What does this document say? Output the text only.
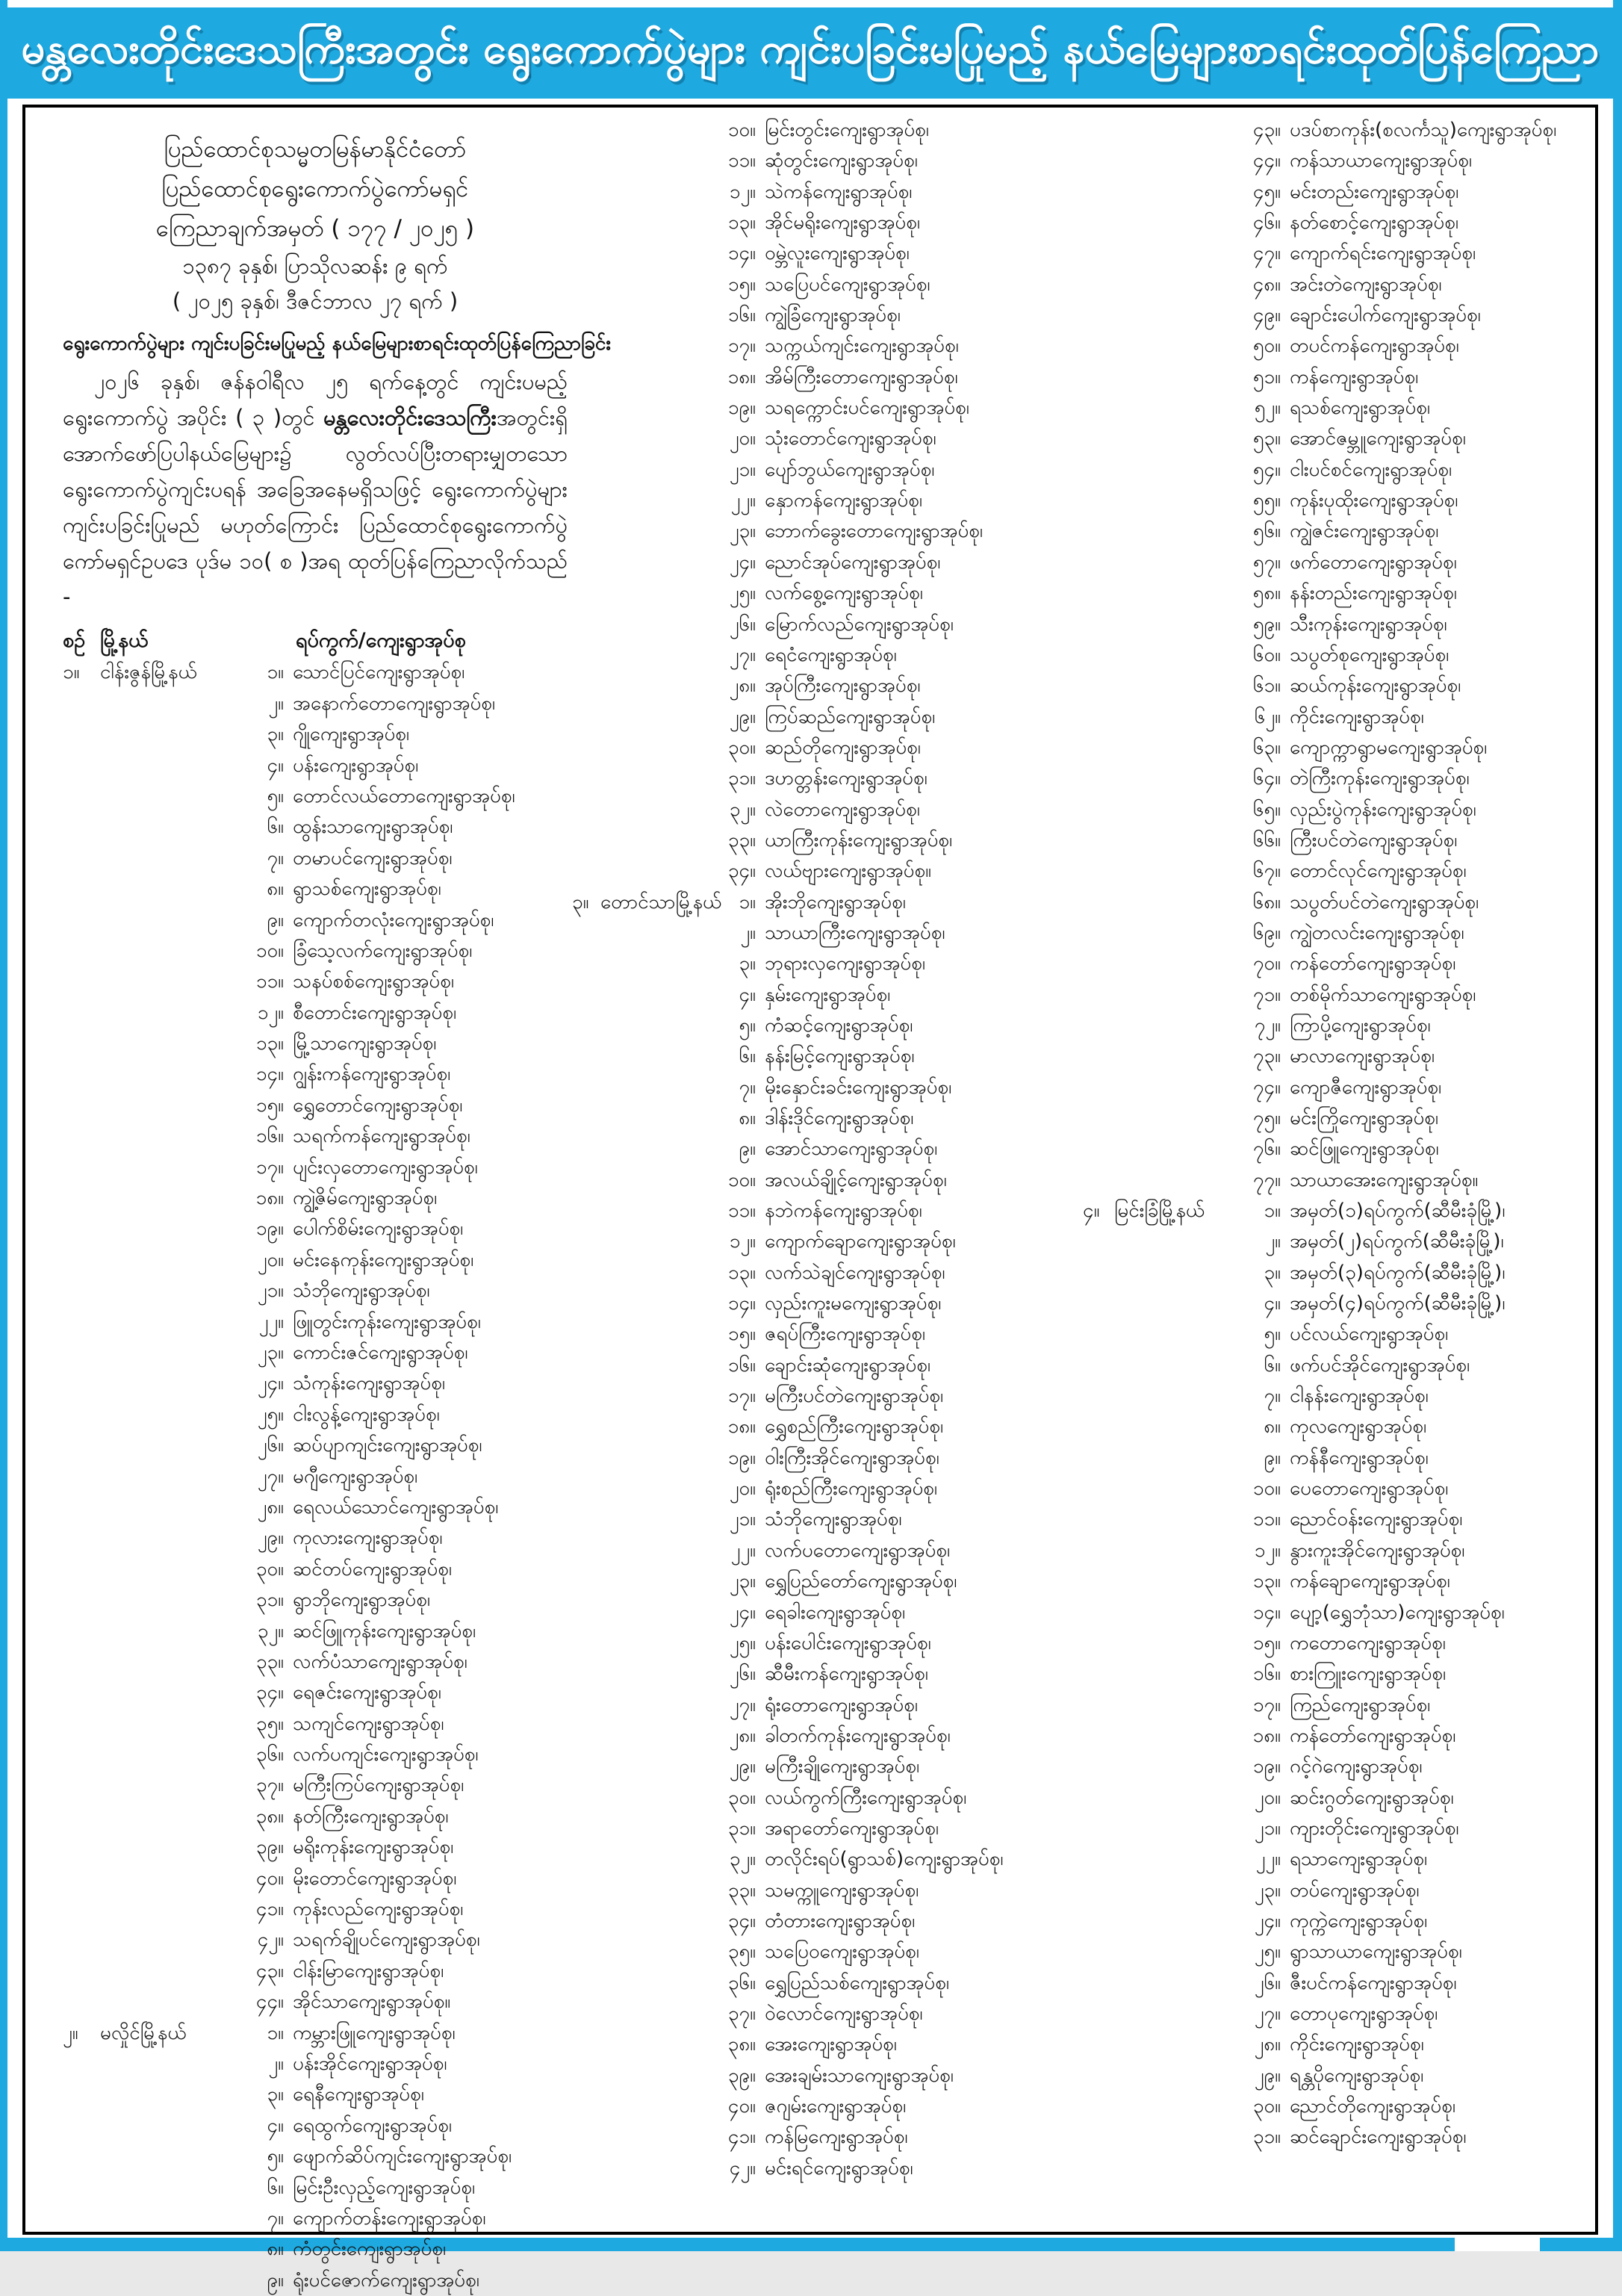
မန္တလေးတိုင်းဒေသကြီးအတွင်း ရွေးကောက်ပွဲများ ကျင်းပခြင်းမပြုမည့် နယ်မြေများစာရင်းထုတ်ပြန်ကြေညာ
ပြည်ထောင်စုသမ္မတမြန်မာနိုင်ငံတော်
ပြည်ထောင်စုရွေးကောက်ပွဲကော်မရှင်
ကြေညာချက်အမှတ် ( ၁၇၇ / ၂၀၂၅ )
၁၃၈၇ ခုနှစ်၊ ပြာသိုလဆန်း ၉ ရက်
( ၂၀၂၅ ခုနှစ်၊ ဒီဇင်ဘာလ ၂၇ ရက် )
ရွေးကောက်ပွဲများ ကျင်းပခြင်းမပြုမည့် နယ်မြေများစာရင်းထုတ်ပြန်ကြေညာခြင်း
၂၀၂၆ ခုနှစ်၊ ဇန်နဝါရီလ ၂၅ ရက်နေ့တွင် ကျင်းပမည့် ရွေးကောက်ပွဲ အပိုင်း ( ၃ )တွင် မန္တလေးတိုင်းဒေသကြီးအတွင်းရှိ အောက်ဖော်ပြပါနယ်မြေများ၌ လွတ်လပ်ပြီးတရားမျှတသော ရွေးကောက်ပွဲကျင်းပရန် အခြေအနေမရှိသဖြင့် ရွေးကောက်ပွဲများ ကျင်းပခြင်းပြုမည် မဟုတ်ကြောင်း ပြည်ထောင်စုရွေးကောက်ပွဲ ကော်မရှင်ဥပဒေ ပုဒ်မ ၁၀( စ )အရ ထုတ်ပြန်ကြေညာလိုက်သည် -
စဉ် မြို့နယ်	ရပ်ကွက်/ကျေးရွာအုပ်စု
၁။	ငါန်းဇွန်မြို့နယ်	၁။ သောင်ပြင်ကျေးရွာအုပ်စု၊
၂။ အနောက်တောကျေးရွာအုပ်စု၊
၃။ ဂျိုကျေးရွာအုပ်စု၊
၄။ ပန်းကျေးရွာအုပ်စု၊
၅။ တောင်လယ်တောကျေးရွာအုပ်စု၊
၆။ ထွန်းသာကျေးရွာအုပ်စု၊
၇။ တမာပင်ကျေးရွာအုပ်စု၊
၈။ ရွာသစ်ကျေးရွာအုပ်စု၊
၉။ ကျောက်တလုံးကျေးရွာအုပ်စု၊
၁၀။ ခြံသေ့လက်ကျေးရွာအုပ်စု၊
၁၁။ သနပ်စစ်ကျေးရွာအုပ်စု၊
၁၂။ စီတောင်းကျေးရွာအုပ်စု၊
၁၃။ မြို့သာကျေးရွာအုပ်စု၊
၁၄။ ဂျွန်းကန်ကျေးရွာအုပ်စု၊
၁၅။ ရွှေတောင်ကျေးရွာအုပ်စု၊
၁၆။ သရက်ကန်ကျေးရွာအုပ်စု၊
၁၇။ ပျင်းလှတောကျေးရွာအုပ်စု၊
၁၈။ ကျွဲ့ဇိမ်ကျေးရွာအုပ်စု၊
၁၉။ ပေါက်စိမ်းကျေးရွာအုပ်စု၊
၂၀။ မင်းနေကုန်းကျေးရွာအုပ်စု၊
၂၁။ သံဘိုကျေးရွာအုပ်စု၊
၂၂။ ဖြူတွင်းကုန်းကျေးရွာအုပ်စု၊
၂၃။ ကောင်းဇင်ကျေးရွာအုပ်စု၊
၂၄။ သံကုန်းကျေးရွာအုပ်စု၊
၂၅။ ငါးလွန့်ကျေးရွာအုပ်စု၊
၂၆။ ဆပ်ပျာကျင်းကျေးရွာအုပ်စု၊
၂၇။ မဂျီကျေးရွာအုပ်စု၊
၂၈။ ရေလယ်သောင်ကျေးရွာအုပ်စု၊
၂၉။ ကုလားကျေးရွာအုပ်စု၊
၃၀။ ဆင်တပ်ကျေးရွာအုပ်စု၊
၃၁။ ရွာဘိုကျေးရွာအုပ်စု၊
၃၂။ ဆင်ဖြူကုန်းကျေးရွာအုပ်စု၊
၃၃။ လက်ပံသာကျေးရွာအုပ်စု၊
၃၄။ ရေဇင်းကျေးရွာအုပ်စု၊
၃၅။ သကျင်ကျေးရွာအုပ်စု၊
၃၆။ လက်ပကျင်းကျေးရွာအုပ်စု၊
၃၇။ မကြီးကြပ်ကျေးရွာအုပ်စု၊
၃၈။ နတ်ကြီးကျေးရွာအုပ်စု၊
၃၉။ မရိုးကုန်းကျေးရွာအုပ်စု၊
၄၀။ မိုးတောင်ကျေးရွာအုပ်စု၊
၄၁။ ကုန်းလည်ကျေးရွာအုပ်စု၊
၄၂။ သရက်ချိုပင်ကျေးရွာအုပ်စု၊
၄၃။ ငါန်းမြာကျေးရွာအုပ်စု၊
၄၄။ အိုင်သာကျေးရွာအုပ်စု။
၂။	မလှိုင်မြို့နယ်	၁။ ကမ္ဘားဖြူကျေးရွာအုပ်စု၊
၂။ ပန်းအိုင်ကျေးရွာအုပ်စု၊
၃။ ရေနီကျေးရွာအုပ်စု၊
၄။ ရေထွက်ကျေးရွာအုပ်စု၊
၅။ ဖျောက်ဆိပ်ကျင်းကျေးရွာအုပ်စု၊
၆။ မြင်းဦးလှည့်ကျေးရွာအုပ်စု၊
၇။ ကျောက်တန်းကျေးရွာအုပ်စု၊
၈။ ကံတွင်းကျေးရွာအုပ်စု၊
၉။ ရုံးပင်ဇောက်ကျေးရွာအုပ်စု၊
၁၀။ မြင်းတွင်းကျေးရွာအုပ်စု၊
၁၁။ ဆုံတွင်းကျေးရွာအုပ်စု၊
၁၂။ သဲကန်ကျေးရွာအုပ်စု၊
၁၃။ အိုင်မရိုးကျေးရွာအုပ်စု၊
၁၄။ ဝမ္ဘဲလူးကျေးရွာအုပ်စု၊
၁၅။ သပြေပင်ကျေးရွာအုပ်စု၊
၁၆။ ကျွဲခြံကျေးရွာအုပ်စု၊
၁၇။ သက္ကယ်ကျင်းကျေးရွာအုပ်စု၊
၁၈။ အိမ်ကြီးတောကျေးရွာအုပ်စု၊
၁၉။ သရက္ကောင်းပင်ကျေးရွာအုပ်စု၊
၂၀။ သုံးတောင်ကျေးရွာအုပ်စု၊
၂၁။ ပျော်ဘွယ်ကျေးရွာအုပ်စု၊
၂၂။ နှောကန်ကျေးရွာအုပ်စု၊
၂၃။ ဘောက်ခွေးတောကျေးရွာအုပ်စု၊
၂၄။ ညောင်အုပ်ကျေးရွာအုပ်စု၊
၂၅။ လက်စွေ့ကျေးရွာအုပ်စု၊
၂၆။ မြောက်လည်ကျေးရွာအုပ်စု၊
၂၇။ ရေငံကျေးရွာအုပ်စု၊
၂၈။ အုပ်ကြီးကျေးရွာအုပ်စု၊
၂၉။ ကြပ်ဆည်ကျေးရွာအုပ်စု၊
၃၀။ ဆည်တိုကျေးရွာအုပ်စု၊
၃၁။ ဒဟတ္တန်းကျေးရွာအုပ်စု၊
၃၂။ လဲတောကျေးရွာအုပ်စု၊
၃၃။ ယာကြီးကုန်းကျေးရွာအုပ်စု၊
၃၄။ လယ်ဗျားကျေးရွာအုပ်စု။
၃။ တောင်သာမြို့နယ် ၁။ အိုးဘိုကျေးရွာအုပ်စု၊
၂။ သာယာကြီးကျေးရွာအုပ်စု၊
၃။ ဘုရားလှကျေးရွာအုပ်စု၊
၄။ နှမ်းကျေးရွာအုပ်စု၊
၅။ ကံဆင့်ကျေးရွာအုပ်စု၊
၆။ နန်းမြင့်ကျေးရွာအုပ်စု၊
၇။ မိုးနှောင်းခင်းကျေးရွာအုပ်စု၊
၈။ ဒါန်းဒိုင်ကျေးရွာအုပ်စု၊
၉။ အောင်သာကျေးရွာအုပ်စု၊
၁၀။ အလယ်ချိုင့်ကျေးရွာအုပ်စု၊
၁၁။ နဘဲကန်ကျေးရွာအုပ်စု၊
၁၂။ ကျောက်ချောကျေးရွာအုပ်စု၊
၁၃။ လက်သဲချင်ကျေးရွာအုပ်စု၊
၁၄။ လှည်းကူးမကျေးရွာအုပ်စု၊
၁၅။ ဇရပ်ကြီးကျေးရွာအုပ်စု၊
၁၆။ ချောင်းဆုံကျေးရွာအုပ်စု၊
၁၇။ မကြီးပင်တဲကျေးရွာအုပ်စု၊
၁၈။ ရွှေစည်ကြီးကျေးရွာအုပ်စု၊
၁၉။ ဝါးကြီးအိုင်ကျေးရွာအုပ်စု၊
၂၀။ ရုံးစည်ကြီးကျေးရွာအုပ်စု၊
၂၁။ သံဘိုကျေးရွာအုပ်စု၊
၂၂။ လက်ပတောကျေးရွာအုပ်စု၊
၂၃။ ရွှေပြည်တော်ကျေးရွာအုပ်စု၊
၂၄။ ရေခါးကျေးရွာအုပ်စု၊
၂၅။ ပန်းပေါင်းကျေးရွာအုပ်စု၊
၂၆။ ဆီမီးကန်ကျေးရွာအုပ်စု၊
၂၇။ ရုံးတောကျေးရွာအုပ်စု၊
၂၈။ ခါတက်ကုန်းကျေးရွာအုပ်စု၊
၂၉။ မကြီးချိုကျေးရွာအုပ်စု၊
၃၀။ လယ်ကွက်ကြီးကျေးရွာအုပ်စု၊
၃၁။ အရာတော်ကျေးရွာအုပ်စု၊
၃၂။ တလိုင်းရပ်(ရွာသစ်)ကျေးရွာအုပ်စု၊
၃၃။ သမက္ကူကျေးရွာအုပ်စု၊
၃၄။ တံတားကျေးရွာအုပ်စု၊
၃၅။ သပြေဝကျေးရွာအုပ်စု၊
၃၆။ ရွှေပြည်သစ်ကျေးရွာအုပ်စု၊
၃၇။ ဝဲလောင်ကျေးရွာအုပ်စု၊
၃၈။ အေးကျေးရွာအုပ်စု၊
၃၉။ အေးချမ်းသာကျေးရွာအုပ်စု၊
၄၀။ ဇဂျမ်းကျေးရွာအုပ်စု၊
၄၁။ ကန်မြကျေးရွာအုပ်စု၊
၄၂။ မင်းရင်ကျေးရွာအုပ်စု၊
၄၃။ ပဒပ်စာကုန်း(စလင်္ကသူ)ကျေးရွာအုပ်စု၊
၄၄။ ကန်သာယာကျေးရွာအုပ်စု၊
၄၅။ မင်းတည်းကျေးရွာအုပ်စု၊
၄၆။ နတ်စောင့်ကျေးရွာအုပ်စု၊
၄၇။ ကျောက်ရင်းကျေးရွာအုပ်စု၊
၄၈။ အင်းတဲကျေးရွာအုပ်စု၊
၄၉။ ချောင်းပေါက်ကျေးရွာအုပ်စု၊
၅၀။ တပင်ကန်ကျေးရွာအုပ်စု၊
၅၁။ ကန်ကျေးရွာအုပ်စု၊
၅၂။ ရသစ်ကျေးရွာအုပ်စု၊
၅၃။ အောင်ဇမ္ဘူကျေးရွာအုပ်စု၊
၅၄။ ငါးပင်စင်ကျေးရွာအုပ်စု၊
၅၅။ ကုန်းပုထိုးကျေးရွာအုပ်စု၊
၅၆။ ကျွဲဇင်းကျေးရွာအုပ်စု၊
၅၇။ ဖက်တောကျေးရွာအုပ်စု၊
၅၈။ နန်းတည်းကျေးရွာအုပ်စု၊
၅၉။ သီးကုန်းကျေးရွာအုပ်စု၊
၆၀။ သပွတ်စုကျေးရွာအုပ်စု၊
၆၁။ ဆယ်ကုန်းကျေးရွာအုပ်စု၊
၆၂။ ကိုင်းကျေးရွာအုပ်စု၊
၆၃။ ကျောက္ကာရွာမကျေးရွာအုပ်စု၊
၆၄။ တဲကြီးကုန်းကျေးရွာအုပ်စု၊
၆၅။ လှည်းပွဲကုန်းကျေးရွာအုပ်စု၊
၆၆။ ကြီးပင်တဲကျေးရွာအုပ်စု၊
၆၇။ တောင်လုင်ကျေးရွာအုပ်စု၊
၆၈။ သပွတ်ပင်တဲကျေးရွာအုပ်စု၊
၆၉။ ကျွဲတလင်းကျေးရွာအုပ်စု၊
၇၀။ ကန်တော်ကျေးရွာအုပ်စု၊
၇၁။ တစ်မိုက်သာကျေးရွာအုပ်စု၊
၇၂။ ကြာပို့ကျေးရွာအုပ်စု၊
၇၃။ မာလာကျေးရွာအုပ်စု၊
၇၄။ ကျောဇီကျေးရွာအုပ်စု၊
၇၅။ မင်းကြိုကျေးရွာအုပ်စု၊
၇၆။ ဆင်ဖြူကျေးရွာအုပ်စု၊
၇၇။ သာယာအေးကျေးရွာအုပ်စု။
၄။ မြင်းခြံမြို့နယ်	၁။ အမှတ်(၁)ရပ်ကွက်(ဆီမီးခုံမြို့)၊
၂။ အမှတ်(၂)ရပ်ကွက်(ဆီမီးခုံမြို့)၊
၃။ အမှတ်(၃)ရပ်ကွက်(ဆီမီးခုံမြို့)၊
၄။ အမှတ်(၄)ရပ်ကွက်(ဆီမီးခုံမြို့)၊
၅။ ပင်လယ်ကျေးရွာအုပ်စု၊
၆။ ဖက်ပင်အိုင်ကျေးရွာအုပ်စု၊
၇။ ငါနန်းကျေးရွာအုပ်စု၊
၈။ ကုလကျေးရွာအုပ်စု၊
၉။ ကန်နီကျေးရွာအုပ်စု၊
၁၀။ ပေတောကျေးရွာအုပ်စု၊
၁၁။ ညောင်ဝန်းကျေးရွာအုပ်စု၊
၁၂။ နွားကူးအိုင်ကျေးရွာအုပ်စု၊
၁၃။ ကန်ချောကျေးရွာအုပ်စု၊
၁၄။ ပျော့(ရွှေဘုံသာ)ကျေးရွာအုပ်စု၊
၁၅။ ကတောကျေးရွာအုပ်စု၊
၁၆။ စားကြူးကျေးရွာအုပ်စု၊
၁၇။ ကြည်ကျေးရွာအုပ်စု၊
၁၈။ ကန်တော်ကျေးရွာအုပ်စု၊
၁၉။ ဂင့်ဂဲကျေးရွာအုပ်စု၊
၂၀။ ဆင်းဂွတ်ကျေးရွာအုပ်စု၊
၂၁။ ကျားတိုင်းကျေးရွာအုပ်စု၊
၂၂။ ရသာကျေးရွာအုပ်စု၊
၂၃။ တပ်ကျေးရွာအုပ်စု၊
၂၄။ ကုက္ကဲကျေးရွာအုပ်စု၊
၂၅။ ရွာသာယာကျေးရွာအုပ်စု၊
၂၆။ ဇီးပင်ကန်ကျေးရွာအုပ်စု၊
၂၇။ တောပုကျေးရွာအုပ်စု၊
၂၈။ ကိုင်းကျေးရွာအုပ်စု၊
၂၉။ ရန္တပိုကျေးရွာအုပ်စု၊
၃၀။ ညောင်တိုကျေးရွာအုပ်စု၊
၃၁။ ဆင်ချောင်းကျေးရွာအုပ်စု၊
